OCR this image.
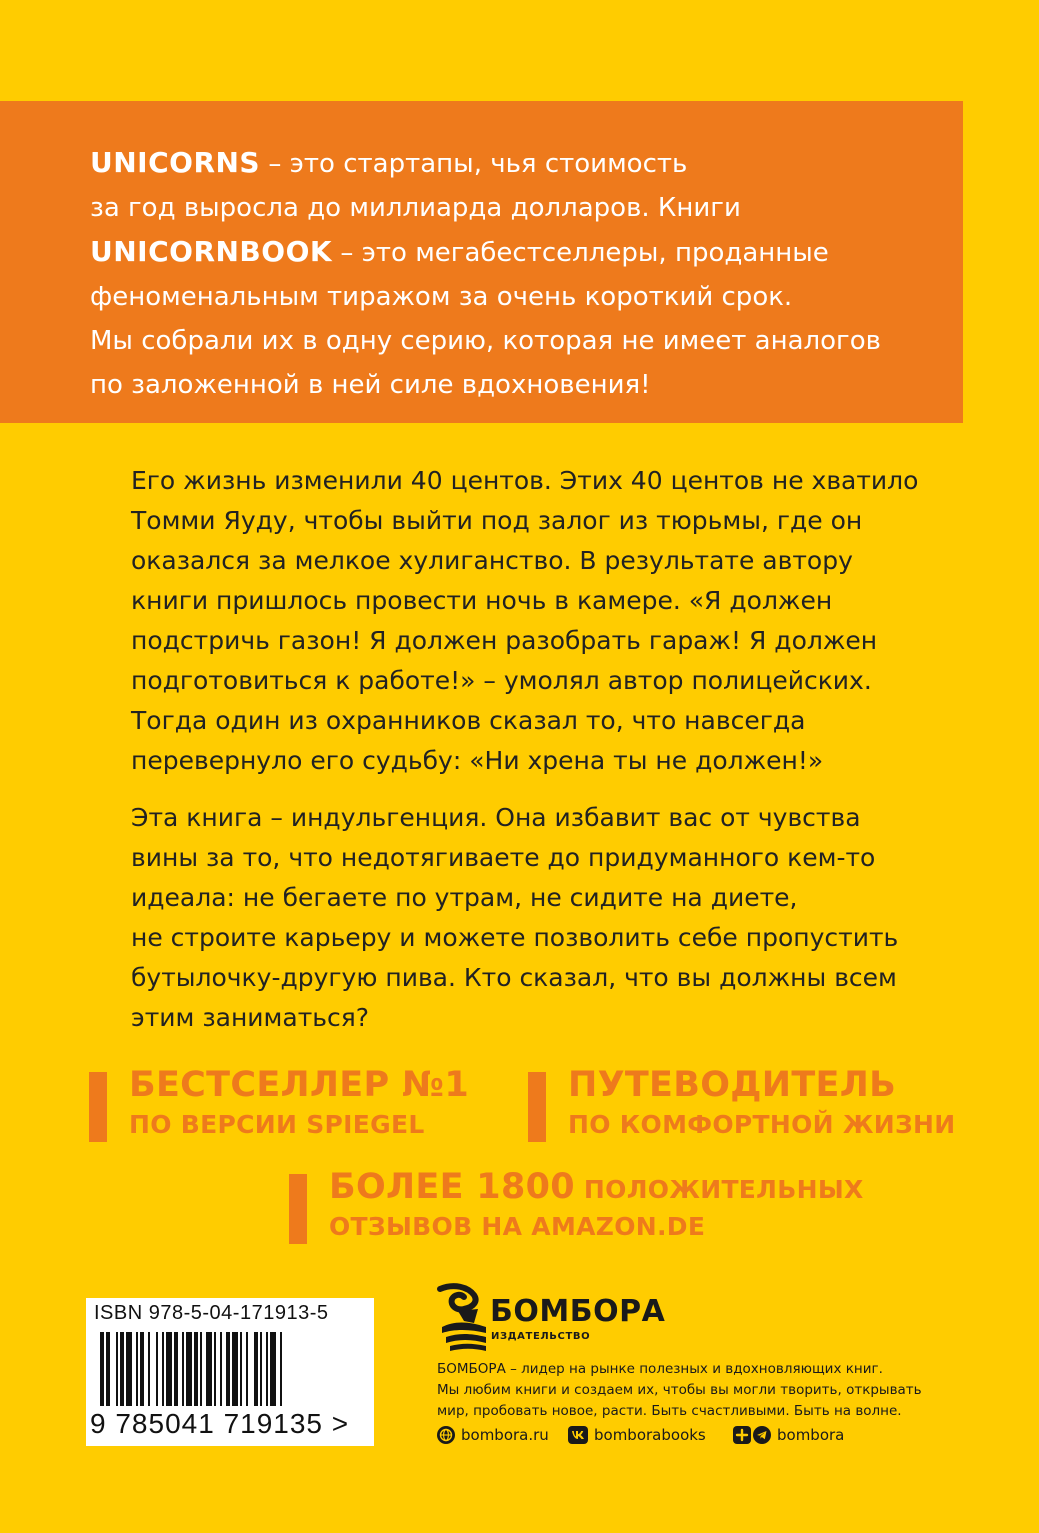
UNICORNS – это стартапы, чья стоимость
за год выросла до миллиарда долларов. Книги
UNICORNBOOK – это мегабестселлеры, проданные
феноменальным тиражом за очень короткий срок.
Мы собрали их в одну серию, которая не имеет аналогов
по заложенной в ней силе вдохновения!
Его жизнь изменили 40 центов. Этих 40 центов не хватило
Томми Яуду, чтобы выйти под залог из тюрьмы, где он
оказался за мелкое хулиганство. В результате автору
книги пришлось провести ночь в камере. «Я должен
подстричь газон! Я должен разобрать гараж! Я должен
подготовиться к работе!» – умолял автор полицейских.
Тогда один из охранников сказал то, что навсегда
перевернуло его судьбу: «Ни хрена ты не должен!»
Эта книга – индульгенция. Она избавит вас от чувства
вины за то, что недотягиваете до придуманного кем-то
идеала: не бегаете по утрам, не сидите на диете,
не строите карьеру и можете позволить себе пропустить
бутылочку-другую пива. Кто сказал, что вы должны всем
этим заниматься?
БЕСТСЕЛЛЕР №1
ПО ВЕРСИИ SPIEGEL
ПУТЕВОДИТЕЛЬ
ПО КОМФОРТНОЙ ЖИЗНИ
БОЛЕЕ 1800 ПОЛОЖИТЕЛЬНЫХ
ОТЗЫВОВ НА AMAZON.DE
ISBN 978-5-04-171913-5
9 785041 719135 >
БОМБОРА
ИЗДАТЕЛЬСТВО
БОМБОРА – лидер на рынке полезных и вдохновляющих книг.
Мы любим книги и создаем их, чтобы вы могли творить, открывать
мир, пробовать новое, расти. Быть счастливыми. Быть на волне.
bombora.ru	bomborabooks	bombora
